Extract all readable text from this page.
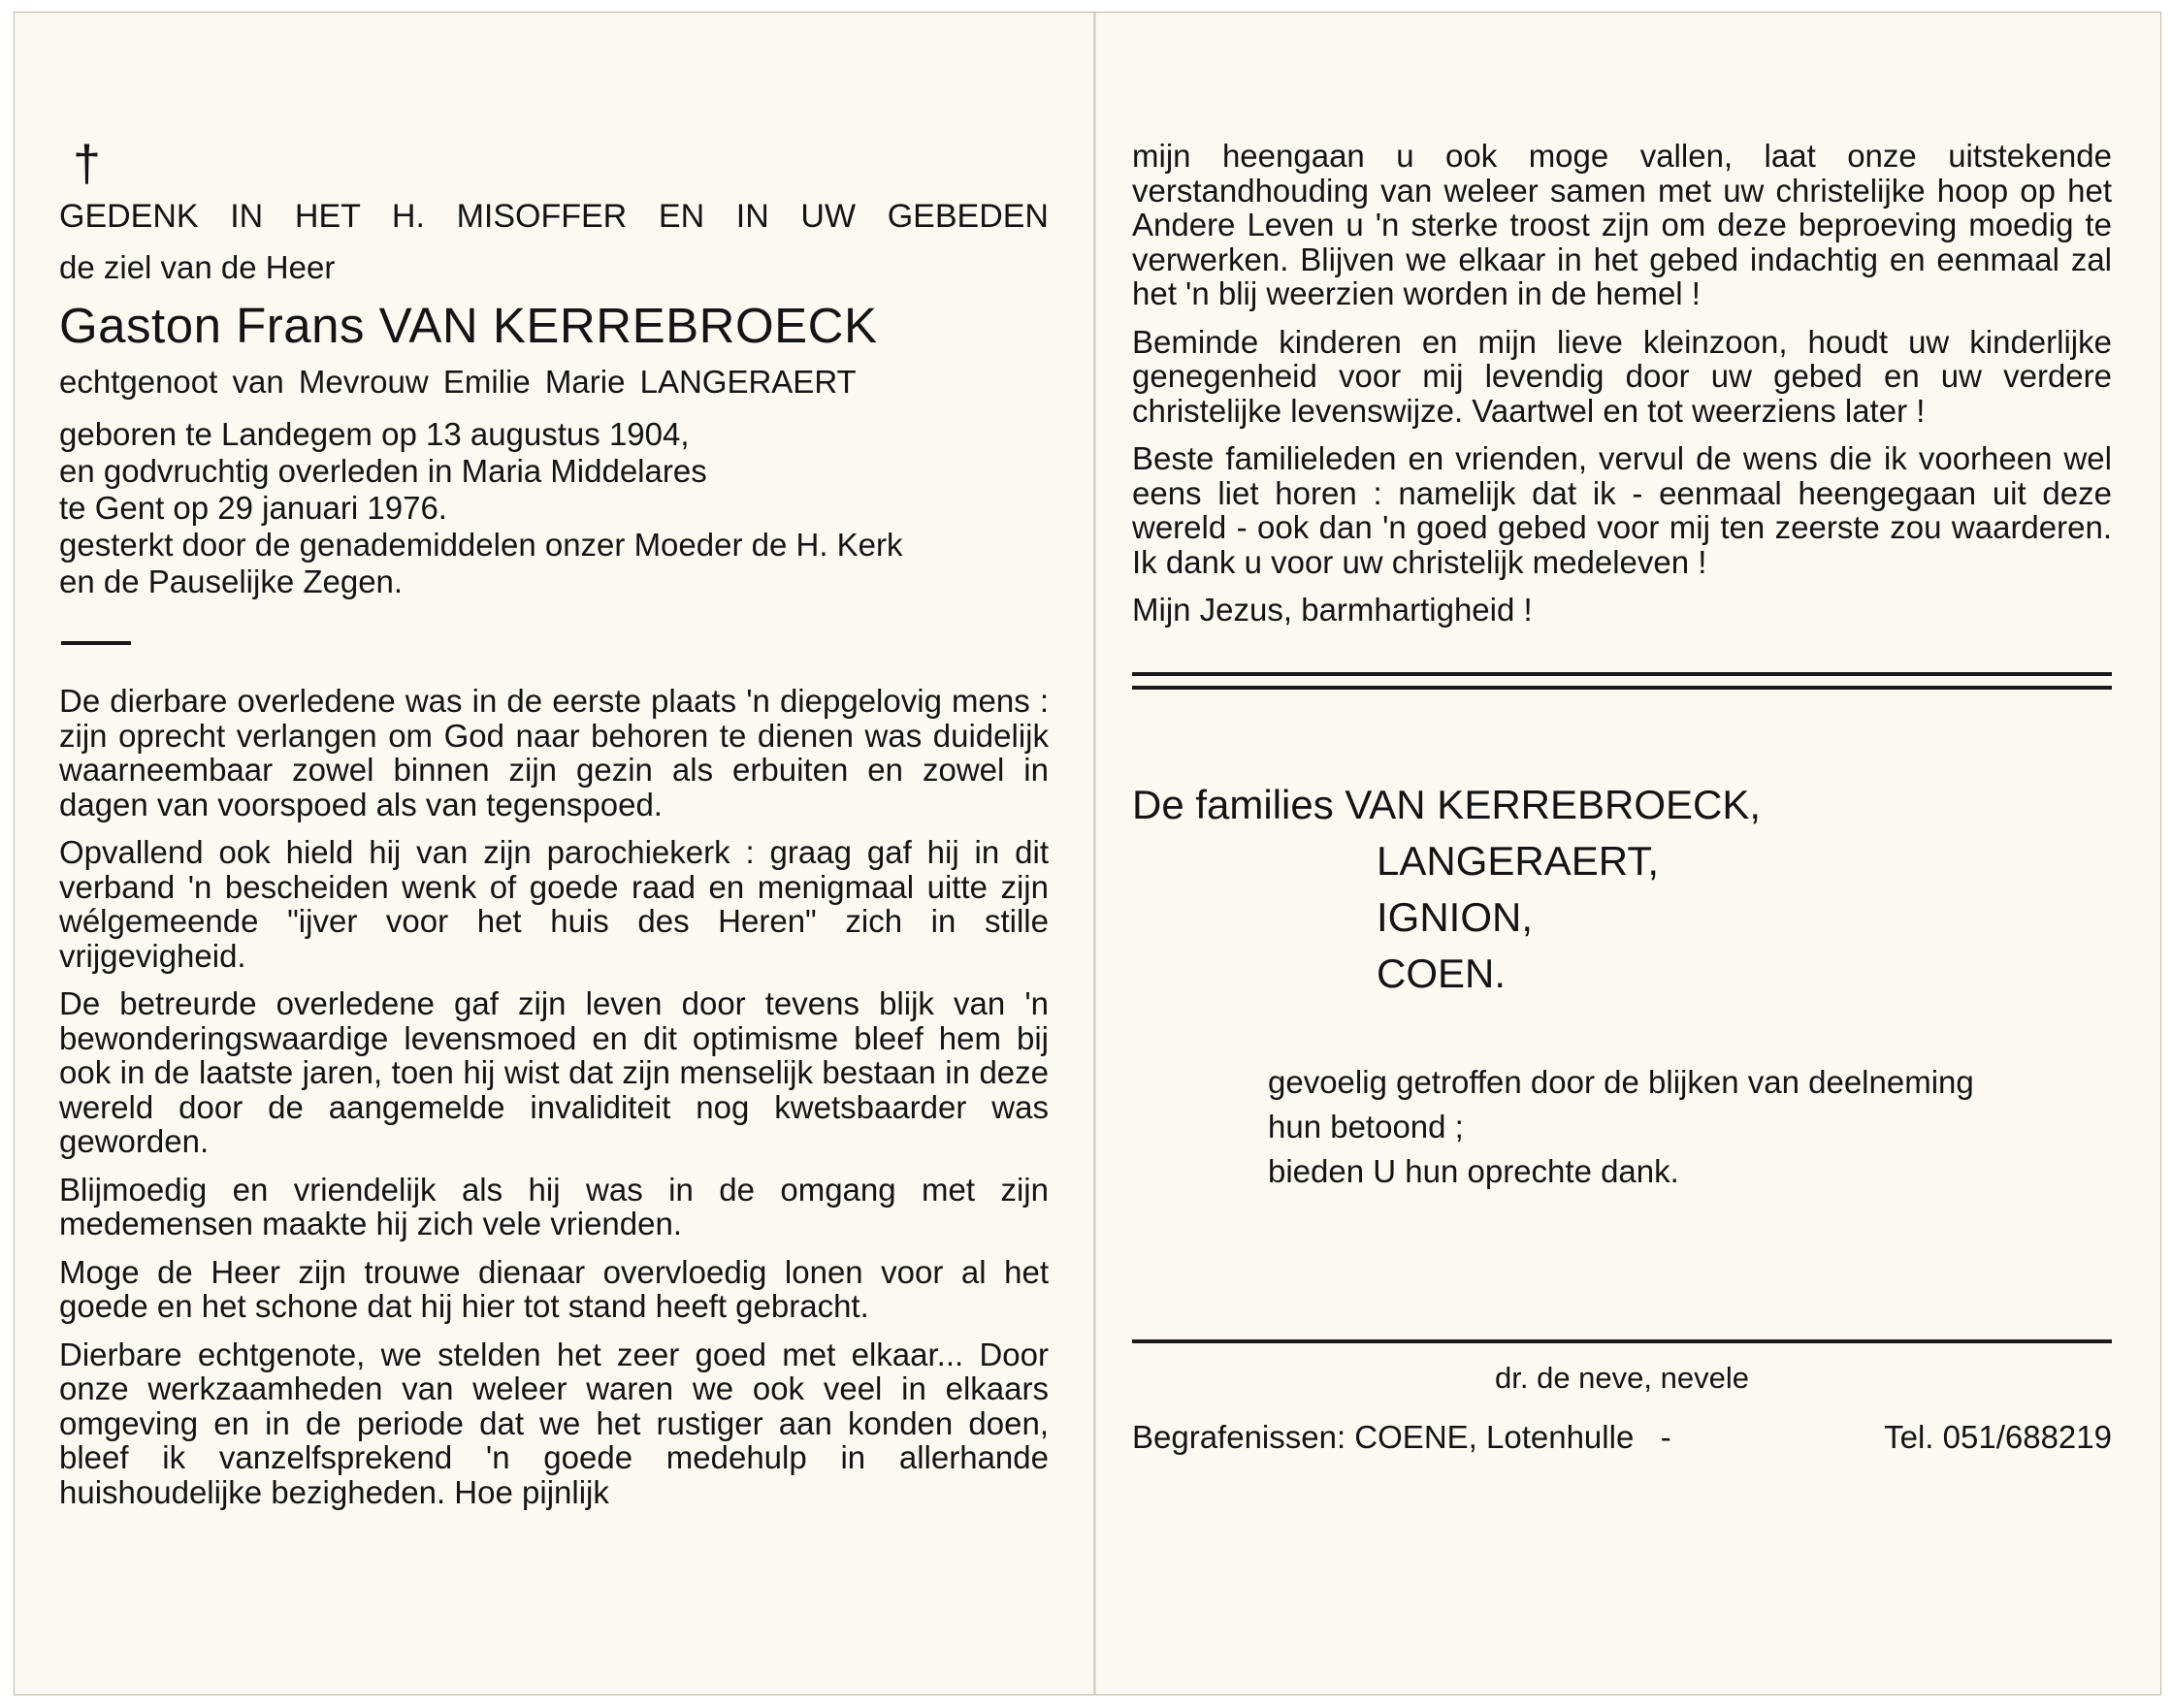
†
GEDENK IN HET H. MISOFFER EN IN UW GEBEDEN
de ziel van de Heer
Gaston Frans VAN KERREBROECK
echtgenoot van Mevrouw Emilie Marie LANGERAERT
geboren te Landegem op 13 augustus 1904,
en godvruchtig overleden in Maria Middelares
te Gent op 29 januari 1976.
gesterkt door de genademiddelen onzer Moeder de H. Kerk
en de Pauselijke Zegen.

De dierbare overledene was in de eerste plaats 'n diepgelovig mens : zijn oprecht verlangen om God naar behoren te dienen was duidelijk waarneembaar zowel binnen zijn gezin als erbuiten en zowel in dagen van voorspoed als van tegenspoed.

Opvallend ook hield hij van zijn parochiekerk : graag gaf hij in dit verband 'n bescheiden wenk of goede raad en menigmaal uitte zijn wélgemeende "ijver voor het huis des Heren" zich in stille vrijgevigheid.

De betreurde overledene gaf zijn leven door tevens blijk van 'n bewonderingswaardige levensmoed en dit optimisme bleef hem bij ook in de laatste jaren, toen hij wist dat zijn menselijk bestaan in deze wereld door de aangemelde invaliditeit nog kwetsbaarder was geworden.

Blijmoedig en vriendelijk als hij was in de omgang met zijn medemensen maakte hij zich vele vrienden.

Moge de Heer zijn trouwe dienaar overvloedig lonen voor al het goede en het schone dat hij hier tot stand heeft gebracht.

Dierbare echtgenote, we stelden het zeer goed met elkaar... Door onze werkzaamheden van weleer waren we ook veel in elkaars omgeving en in de periode dat we het rustiger aan konden doen, bleef ik vanzelfsprekend 'n goede medehulp in allerhande huishoudelijke bezigheden. Hoe pijnlijk

mijn heengaan u ook moge vallen, laat onze uitstekende verstandhouding van weleer samen met uw christelijke hoop op het Andere Leven u 'n sterke troost zijn om deze beproeving moedig te verwerken. Blijven we elkaar in het gebed indachtig en eenmaal zal het 'n blij weerzien worden in de hemel !

Beminde kinderen en mijn lieve kleinzoon, houdt uw kinderlijke genegenheid voor mij levendig door uw gebed en uw verdere christelijke levenswijze. Vaartwel en tot weerziens later !

Beste familieleden en vrienden, vervul de wens die ik voorheen wel eens liet horen : namelijk dat ik - eenmaal heengegaan uit deze wereld - ook dan 'n goed gebed voor mij ten zeerste zou waarderen. Ik dank u voor uw christelijk medeleven !

Mijn Jezus, barmhartigheid !

De families VAN KERREBROECK,
LANGERAERT,
IGNION,
COEN.
gevoelig getroffen door de blijken van deelneming
hun betoond ;
bieden U hun oprechte dank.
dr. de neve, nevele
Begrafenissen: COENE, Lotenhulle   -	Tel. 051/688219
